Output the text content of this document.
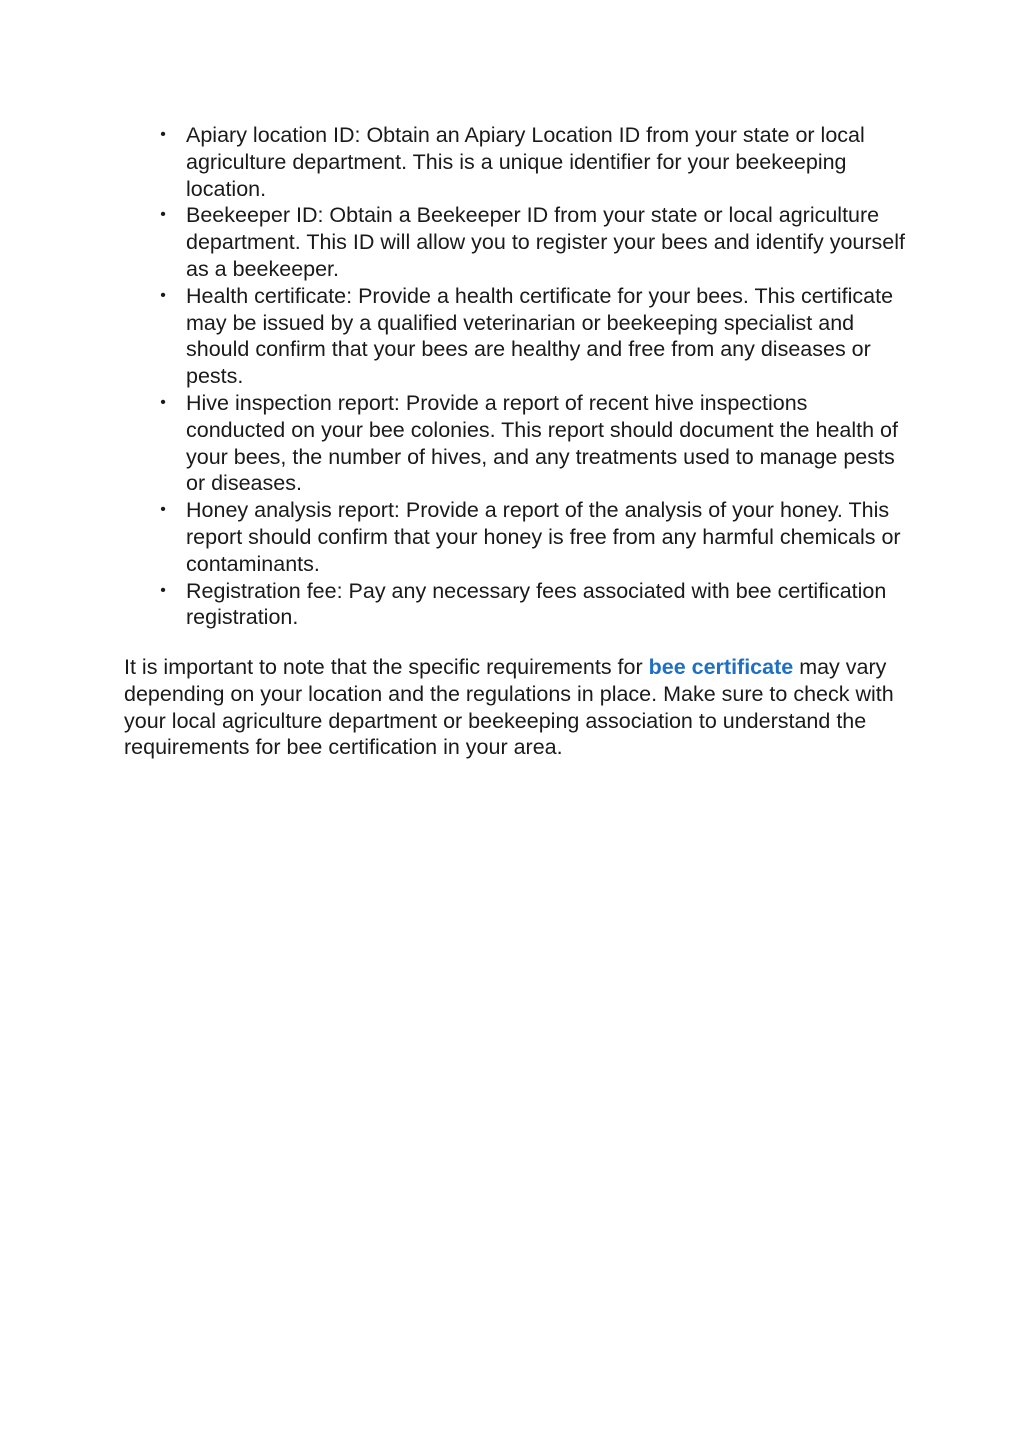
• Apiary location ID: Obtain an Apiary Location ID from your state or local agriculture department. This is a unique identifier for your beekeeping location.
• Beekeeper ID: Obtain a Beekeeper ID from your state or local agriculture department. This ID will allow you to register your bees and identify yourself as a beekeeper.
• Health certificate: Provide a health certificate for your bees. This certificate may be issued by a qualified veterinarian or beekeeping specialist and should confirm that your bees are healthy and free from any diseases or pests.
• Hive inspection report: Provide a report of recent hive inspections conducted on your bee colonies. This report should document the health of your bees, the number of hives, and any treatments used to manage pests or diseases.
• Honey analysis report: Provide a report of the analysis of your honey. This report should confirm that your honey is free from any harmful chemicals or contaminants.
• Registration fee: Pay any necessary fees associated with bee certification registration.

It is important to note that the specific requirements for bee certificate may vary depending on your location and the regulations in place. Make sure to check with your local agriculture department or beekeeping association to understand the requirements for bee certification in your area.
